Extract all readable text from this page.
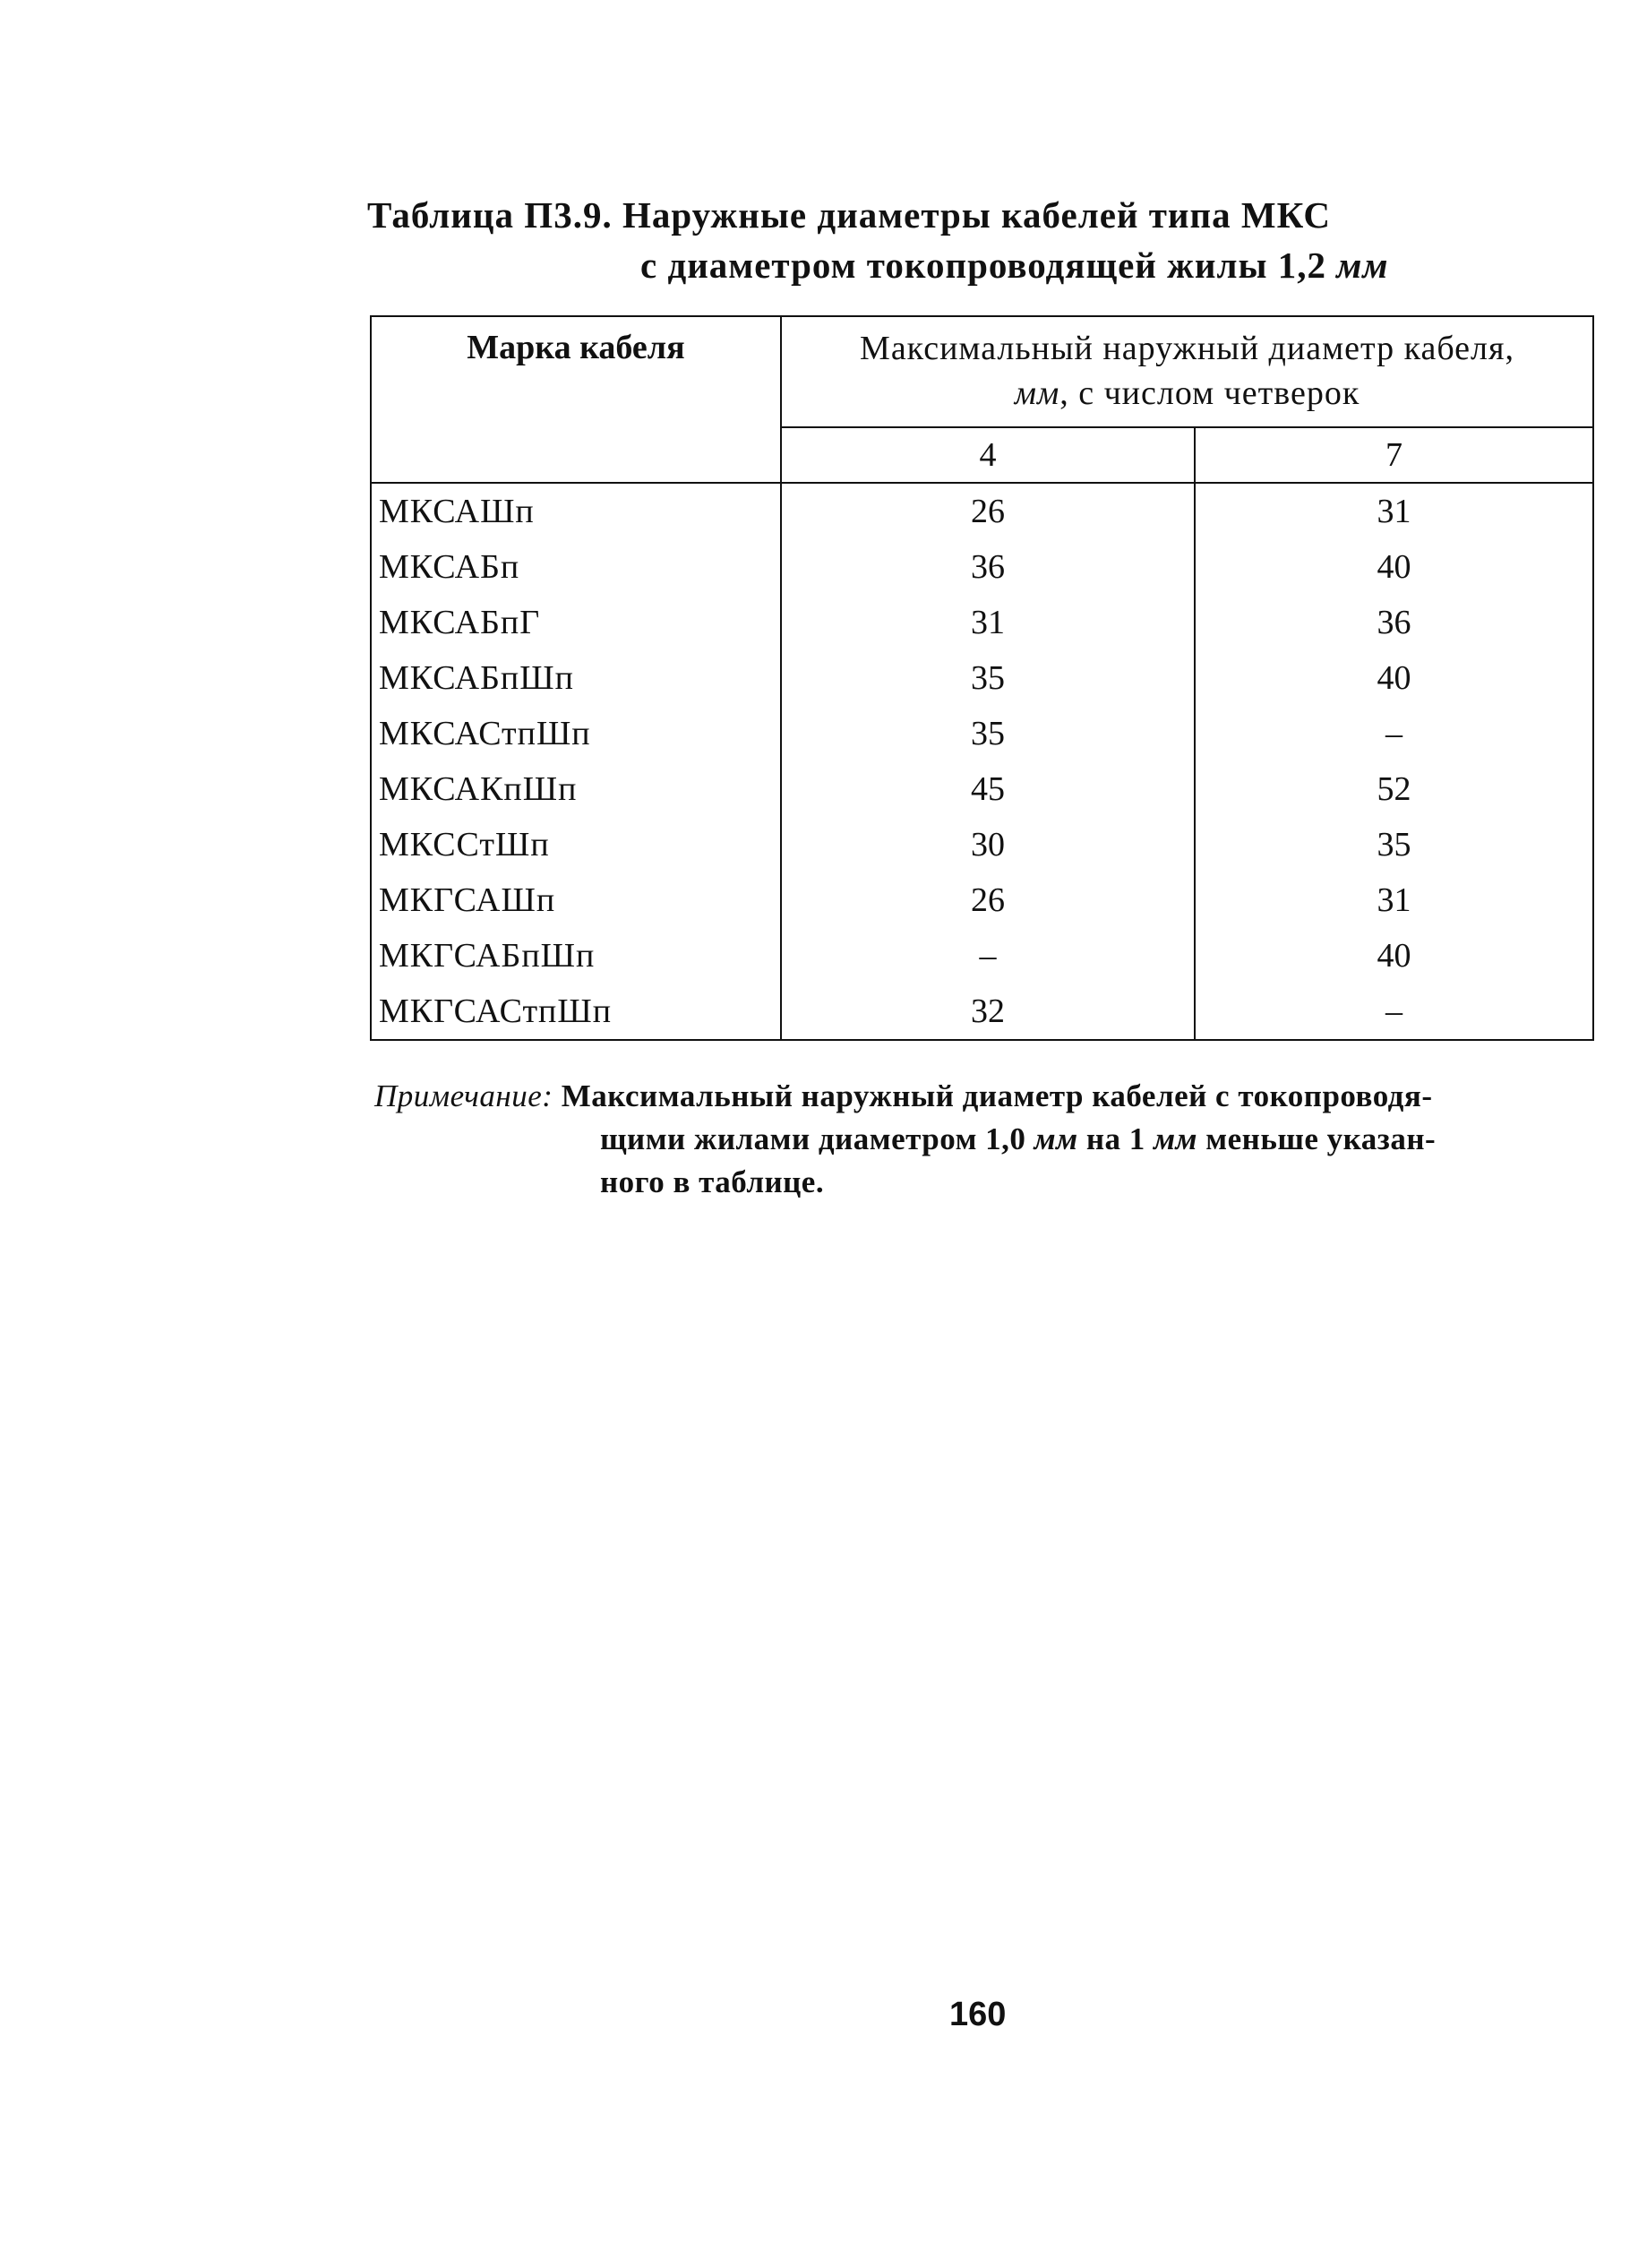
Таблица П3.9. Наружные диаметры кабелей типа МКС
с диаметром токопроводящей жилы 1,2 мм
Марка кабеля	Максимальный наружный диаметр кабеля,
мм, с числом четверок	
	4	7
МКСАШп	26	31
МКСАБп	36	40
МКСАБпГ	31	36
МКСАБпШп	35	40
МКСАСтпШп	35	–
МКСАКпШп	45	52
МКССтШп	30	35
МКГСАШп	26	31
МКГСАБпШп	–	40
МКГСАСтпШп	32	–
Примечание: Максимальный наружный диаметр кабелей с токопроводя-
щими жилами диаметром 1,0 мм на 1 мм меньше указан-
ного в таблице.
160
